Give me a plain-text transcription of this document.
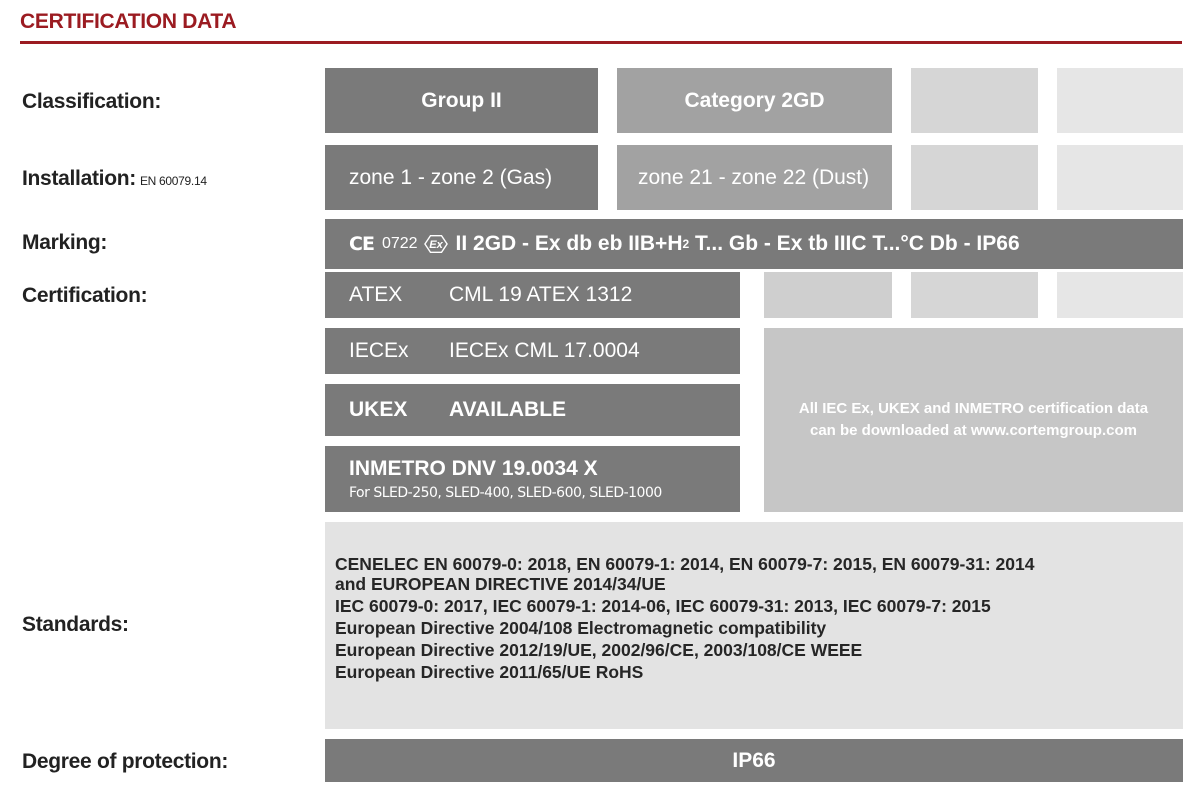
CERTIFICATION DATA
Classification:	Group II	Category 2GD
Installation: EN 60079.14	zone 1 - zone 2 (Gas)	zone 21 - zone 22 (Dust)
Marking:	CE 0722 Ex II 2GD - Ex db eb IIB+H 2 T... Gb - Ex tb IIIC T...°C Db - IP66
Certification:	ATEX	CML 19 ATEX 1312
IECEx	IECEx CML 17.0004
UKEX	AVAILABLE
INMETRO DNV 19.0034 X
For SLED-250, SLED-400, SLED-600, SLED-1000
All IEC Ex, UKEX and INMETRO certification data
can be downloaded at www.cortemgroup.com
Standards:
CENELEC EN 60079-0: 2018, EN 60079-1: 2014, EN 60079-7: 2015, EN 60079-31: 2014
and EUROPEAN DIRECTIVE 2014/34/UE
IEC 60079-0: 2017, IEC 60079-1: 2014-06, IEC 60079-31: 2013, IEC 60079-7: 2015
European Directive 2004/108 Electromagnetic compatibility
European Directive 2012/19/UE, 2002/96/CE, 2003/108/CE WEEE
European Directive 2011/65/UE RoHS
Degree of protection:	IP66
